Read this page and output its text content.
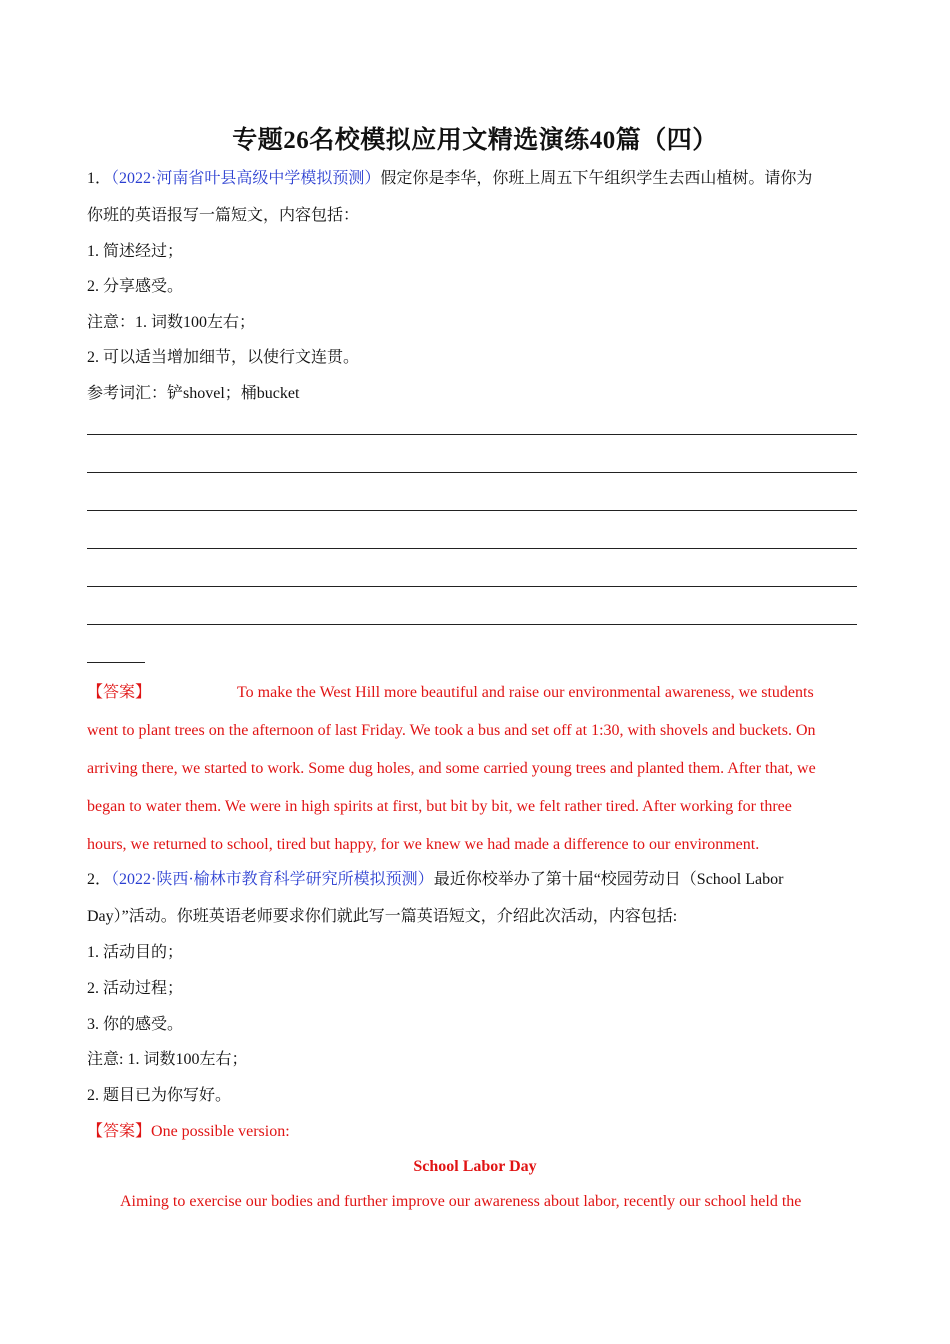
专题26名校模拟应用文精选演练40篇（四）
1．（2022·河南省叶县高级中学模拟预测）假定你是李华，你班上周五下午组织学生去西山植树。请你为
你班的英语报写一篇短文，内容包括：
1. 简述经过；
2. 分享感受。
注意：1. 词数100左右；
2. 可以适当增加细节，以使行文连贯。
参考词汇：铲shovel；桶bucket
【答案】	To make the West Hill more beautiful and raise our environmental awareness, we students
went to plant trees on the afternoon of last Friday. We took a bus and set off at 1:30, with shovels and buckets. On
arriving there, we started to work. Some dug holes, and some carried young trees and planted them. After that, we
began to water them. We were in high spirits at first, but bit by bit, we felt rather tired. After working for three
hours, we returned to school, tired but happy, for we knew we had made a difference to our environment.
2．（2022·陕西·榆林市教育科学研究所模拟预测）最近你校举办了第十届“校园劳动日（School Labor
Day）”活动。你班英语老师要求你们就此写一篇英语短文，介绍此次活动，内容包括:
1. 活动目的；
2. 活动过程；
3. 你的感受。
注意: 1. 词数100左右；
2. 题目已为你写好。
【答案】One possible version:
School Labor Day
Aiming to exercise our bodies and further improve our awareness about labor, recently our school held the
